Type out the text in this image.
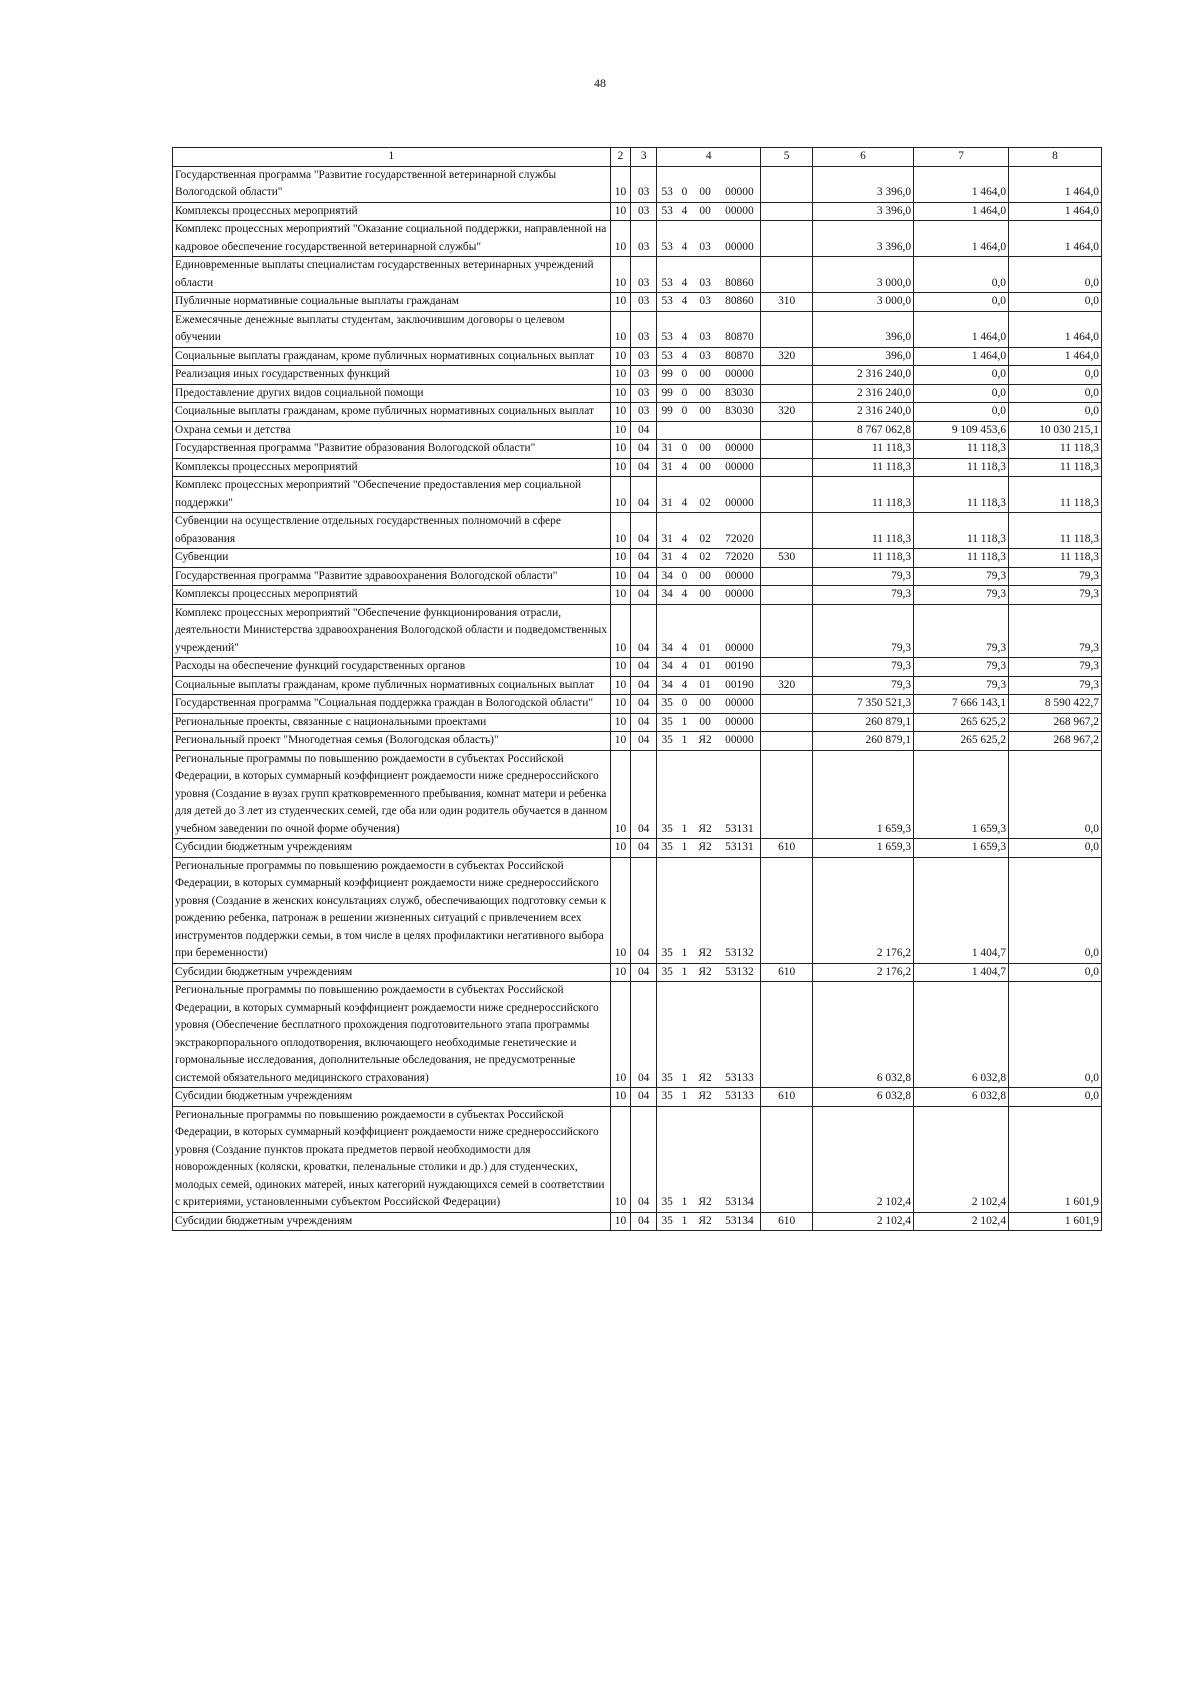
48
1	2	3	4				5	6	7	8
Государственная программа "Развитие государственной ветеринарной службы Вологодской области"	10	03	53	0	00	00000		3 396,0	1 464,0	1 464,0
Комплексы процессных мероприятий	10	03	53	4	00	00000		3 396,0	1 464,0	1 464,0
Комплекс процессных мероприятий "Оказание социальной поддержки, направленной на кадровое обеспечение государственной ветеринарной службы"	10	03	53	4	03	00000		3 396,0	1 464,0	1 464,0
Единовременные выплаты специалистам государственных ветеринарных учреждений области	10	03	53	4	03	80860		3 000,0	0,0	0,0
Публичные нормативные социальные выплаты гражданам	10	03	53	4	03	80860	310	3 000,0	0,0	0,0
Ежемесячные денежные выплаты студентам, заключившим договоры о целевом обучении	10	03	53	4	03	80870		396,0	1 464,0	1 464,0
Социальные выплаты гражданам, кроме публичных нормативных социальных выплат	10	03	53	4	03	80870	320	396,0	1 464,0	1 464,0
Реализация иных государственных функций	10	03	99	0	00	00000		2 316 240,0	0,0	0,0
Предоставление других видов социальной помощи	10	03	99	0	00	83030		2 316 240,0	0,0	0,0
Социальные выплаты гражданам, кроме публичных нормативных социальных выплат	10	03	99	0	00	83030	320	2 316 240,0	0,0	0,0
Охрана семьи и детства	10	04						8 767 062,8	9 109 453,6	10 030 215,1
Государственная программа "Развитие образования Вологодской области"	10	04	31	0	00	00000		11 118,3	11 118,3	11 118,3
Комплексы процессных мероприятий	10	04	31	4	00	00000		11 118,3	11 118,3	11 118,3
Комплекс процессных мероприятий "Обеспечение предоставления мер социальной поддержки"	10	04	31	4	02	00000		11 118,3	11 118,3	11 118,3
Субвенции на осуществление отдельных государственных полномочий в сфере образования	10	04	31	4	02	72020		11 118,3	11 118,3	11 118,3
Субвенции	10	04	31	4	02	72020	530	11 118,3	11 118,3	11 118,3
Государственная программа "Развитие здравоохранения Вологодской области"	10	04	34	0	00	00000		79,3	79,3	79,3
Комплексы процессных мероприятий	10	04	34	4	00	00000		79,3	79,3	79,3
Комплекс процессных мероприятий "Обеспечение функционирования отрасли, деятельности Министерства здравоохранения Вологодской области и подведомственных учреждений"	10	04	34	4	01	00000		79,3	79,3	79,3
Расходы на обеспечение функций государственных органов	10	04	34	4	01	00190		79,3	79,3	79,3
Социальные выплаты гражданам, кроме публичных нормативных социальных выплат	10	04	34	4	01	00190	320	79,3	79,3	79,3
Государственная программа "Социальная поддержка граждан в Вологодской области"	10	04	35	0	00	00000		7 350 521,3	7 666 143,1	8 590 422,7
Региональные проекты, связанные с национальными проектами	10	04	35	1	00	00000		260 879,1	265 625,2	268 967,2
Региональный проект "Многодетная семья (Вологодская область)"	10	04	35	1	Я2	00000		260 879,1	265 625,2	268 967,2
Региональные программы по повышению рождаемости в субъектах Российской Федерации, в которых суммарный коэффициент рождаемости ниже среднероссийского уровня (Создание в вузах групп кратковременного пребывания, комнат матери и ребенка для детей до 3 лет из студенческих семей, где оба или один родитель обучается в данном учебном заведении по очной форме обучения)	10	04	35	1	Я2	53131		1 659,3	1 659,3	0,0
Субсидии бюджетным учреждениям	10	04	35	1	Я2	53131	610	1 659,3	1 659,3	0,0
Региональные программы по повышению рождаемости в субъектах Российской Федерации, в которых суммарный коэффициент рождаемости ниже среднероссийского уровня (Создание в женских консультациях служб, обеспечивающих подготовку семьи к рождению ребенка, патронаж в решении жизненных ситуаций с привлечением всех инструментов поддержки семьи, в том числе в целях профилактики негативного выбора при беременности)	10	04	35	1	Я2	53132		2 176,2	1 404,7	0,0
Субсидии бюджетным учреждениям	10	04	35	1	Я2	53132	610	2 176,2	1 404,7	0,0
Региональные программы по повышению рождаемости в субъектах Российской Федерации, в которых суммарный коэффициент рождаемости ниже среднероссийского уровня (Обеспечение бесплатного прохождения подготовительного этапа программы экстракорпорального оплодотворения, включающего необходимые генетические и гормональные исследования, дополнительные обследования, не предусмотренные системой обязательного медицинского страхования)	10	04	35	1	Я2	53133		6 032,8	6 032,8	0,0
Субсидии бюджетным учреждениям	10	04	35	1	Я2	53133	610	6 032,8	6 032,8	0,0
Региональные программы по повышению рождаемости в субъектах Российской Федерации, в которых суммарный коэффициент рождаемости ниже среднероссийского уровня (Создание пунктов проката предметов первой необходимости для новорожденных (коляски, кроватки, пеленальные столики и др.) для студенческих, молодых семей, одиноких матерей, иных категорий нуждающихся семей в соответствии с критериями, установленными субъектом Российской Федерации)	10	04	35	1	Я2	53134		2 102,4	2 102,4	1 601,9
Субсидии бюджетным учреждениям	10	04	35	1	Я2	53134	610	2 102,4	2 102,4	1 601,9
